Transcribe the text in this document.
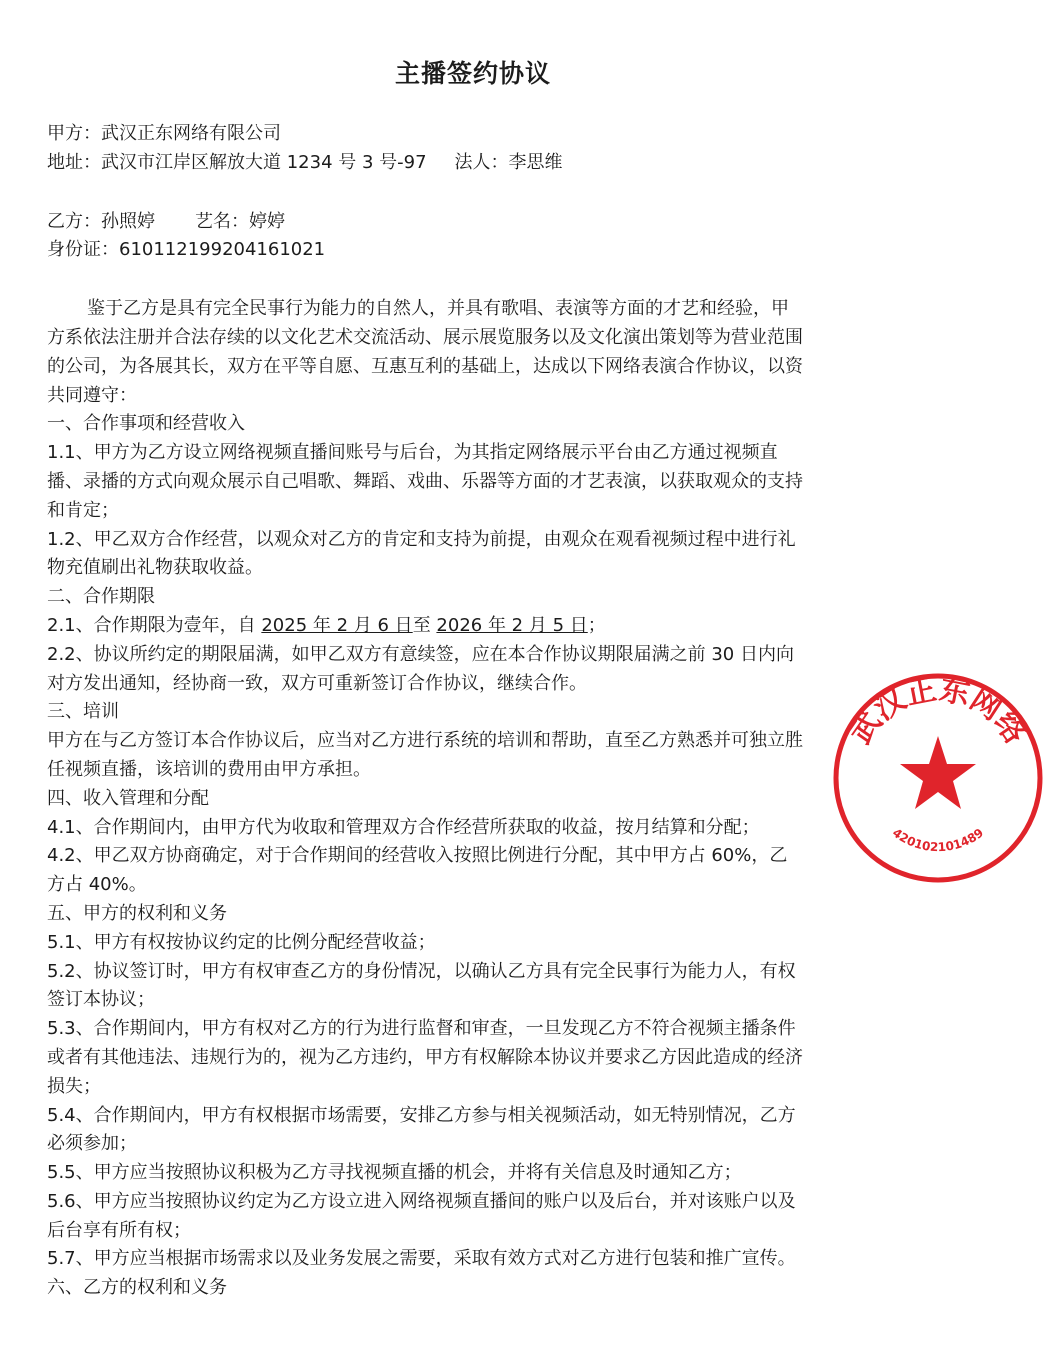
主播签约协议

甲方：武汉正东网络有限公司

地址：武汉市江岸区解放大道 1234 号 3 号-97 法人：李思维

乙方：孙照婷 艺名：婷婷

身份证：610112199204161021

鉴于乙方是具有完全民事行为能力的自然人，并具有歌唱、表演等方面的才艺和经验，甲方系依法注册并合法存续的以文化艺术交流活动、展示展览服务以及文化演出策划等为营业范围的公司，为各展其长，双方在平等自愿、互惠互利的基础上，达成以下网络表演合作协议，以资共同遵守：

一、合作事项和经营收入

1.1、甲方为乙方设立网络视频直播间账号与后台，为其指定网络展示平台由乙方通过视频直播、录播的方式向观众展示自己唱歌、舞蹈、戏曲、乐器等方面的才艺表演，以获取观众的支持和肯定；

1.2、甲乙双方合作经营，以观众对乙方的肯定和支持为前提，由观众在观看视频过程中进行礼物充值刷出礼物获取收益。

二、合作期限

2.1、合作期限为壹年，自 2025 年 2 月 6 日至 2026 年 2 月 5 日；

2.2、协议所约定的期限届满，如甲乙双方有意续签，应在本合作协议期限届满之前 30 日内向对方发出通知，经协商一致，双方可重新签订合作协议，继续合作。

三、培训

甲方在与乙方签订本合作协议后，应当对乙方进行系统的培训和帮助，直至乙方熟悉并可独立胜任视频直播，该培训的费用由甲方承担。

四、收入管理和分配

4.1、合作期间内，由甲方代为收取和管理双方合作经营所获取的收益，按月结算和分配；

4.2、甲乙双方协商确定，对于合作期间的经营收入按照比例进行分配，其中甲方占 60%，乙方占 40%。

五、甲方的权利和义务

5.1、甲方有权按协议约定的比例分配经营收益；

5.2、协议签订时，甲方有权审查乙方的身份情况，以确认乙方具有完全民事行为能力人，有权签订本协议；

5.3、合作期间内，甲方有权对乙方的行为进行监督和审查，一旦发现乙方不符合视频主播条件或者有其他违法、违规行为的，视为乙方违约，甲方有权解除本协议并要求乙方因此造成的经济损失；

5.4、合作期间内，甲方有权根据市场需要，安排乙方参与相关视频活动，如无特别情况，乙方必须参加；

5.5、甲方应当按照协议积极为乙方寻找视频直播的机会，并将有关信息及时通知乙方；

5.6、甲方应当按照协议约定为乙方设立进入网络视频直播间的账户以及后台，并对该账户以及后台享有所有权；

5.7、甲方应当根据市场需求以及业务发展之需要，采取有效方式对乙方进行包装和推广宣传。

六、乙方的权利和义务

武汉正东网络
420102101489
